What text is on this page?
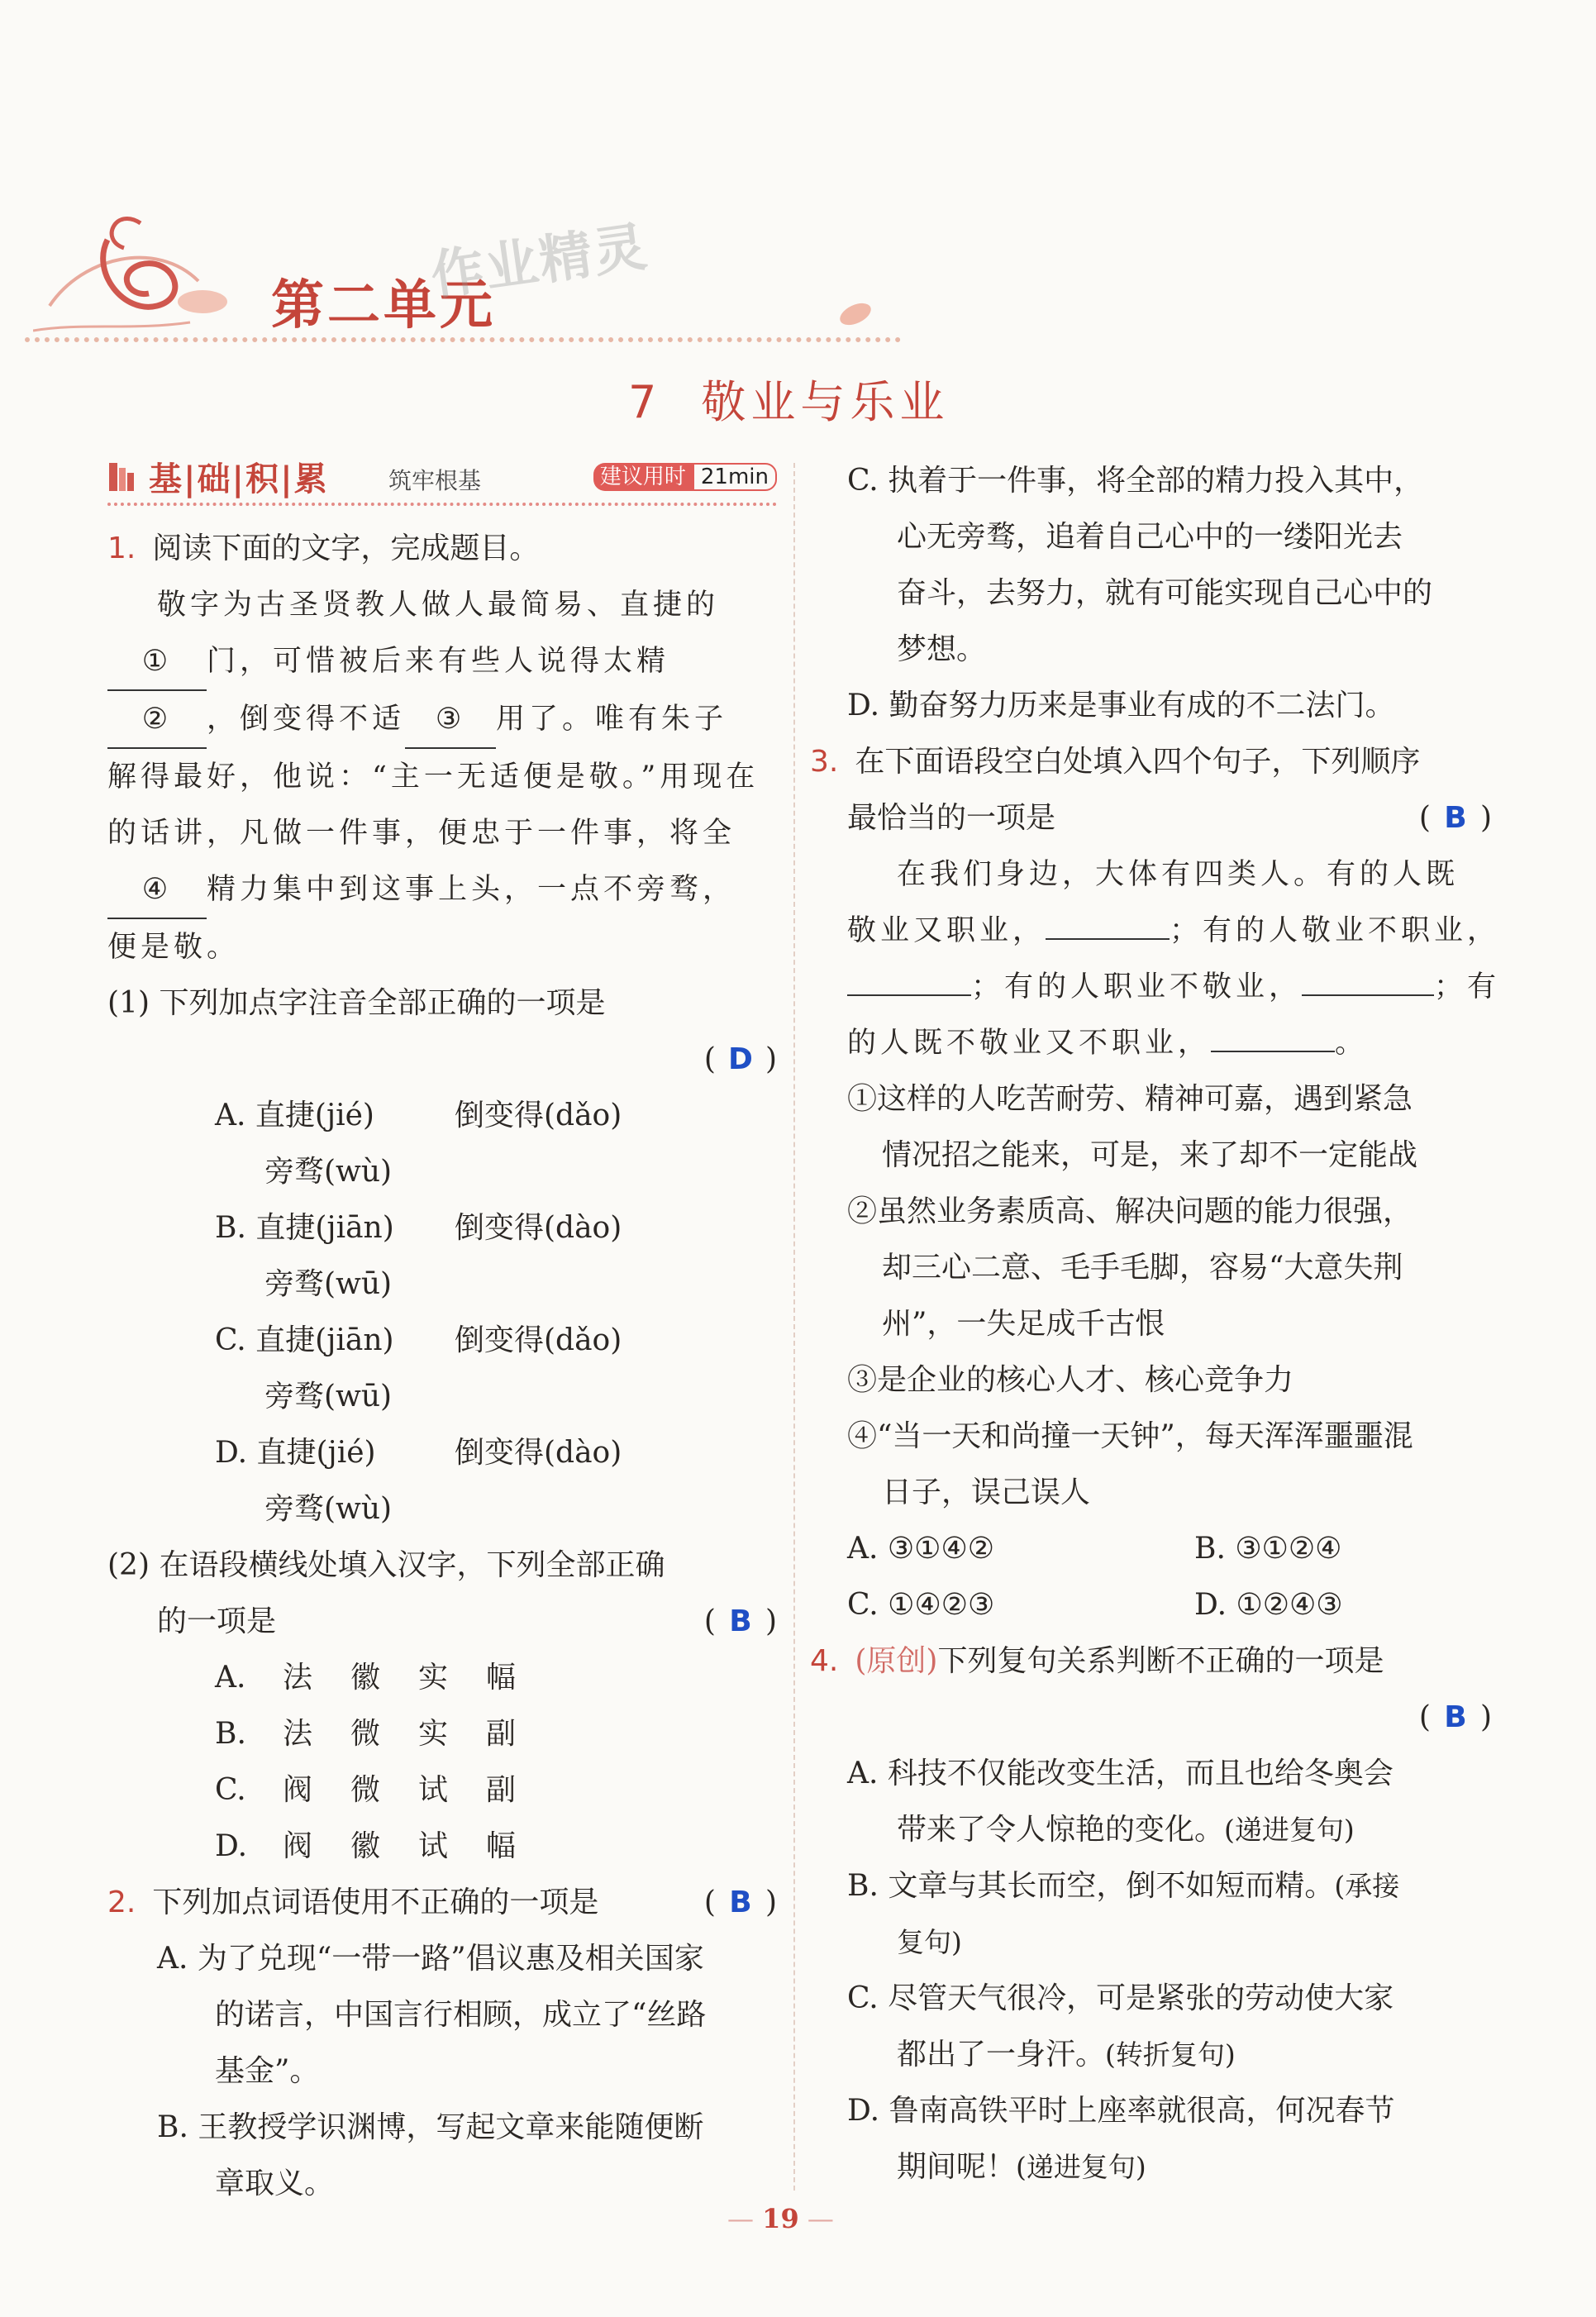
第二单元
作业精灵
7 敬业与乐业
基|础|积|累	筑牢根基	建议用时 21min
1. 阅读下面的文字，完成题目。
敬字为古圣贤教人做人最简易、直捷的
① 门，可惜被后来有些人说得太精
② ，倒变得不适 ③ 用了。唯有朱子
解得最好，他说：“主一无适便是敬。”用现在
的话讲，凡做一件事，便忠于一件事，将全
④ 精力集中到这事上头，一点不旁骛，
便是敬。
(1) 下列加点字注音全部正确的一项是
( D )

A. 直捷(jié)	倒变得(dǎo)
旁骛(wù)
B. 直捷(jiān) 倒变得(dào)
旁骛(wū)
C. 直捷(jiān) 倒变得(dǎo)
旁骛(wū)
D. 直捷(jié)	倒变得(dào)
旁骛(wù)
(2) 在语段横线处填入汉字，下列全部正确
的一项是	( B )
A. 法 徽 实 幅
B. 法 微 实 副
C. 阀 微 试 副
D. 阀 徽 试 幅
2. 下列加点词语使用不正确的一项是	( B )
A. 为了兑现“一带一路”倡议惠及相关国家
的诺言，中国言行相顾，成立了“丝路
基金”。
B. 王教授学识渊博，写起文章来能随便断
章取义。
C. 执着于一件事，将全部的精力投入其中，
心无旁骛，追着自己心中的一缕阳光去
奋斗，去努力，就有可能实现自己心中的
梦想。
D. 勤奋努力历来是事业有成的不二法门。
3. 在下面语段空白处填入四个句子，下列顺序
最恰当的一项是	( B )
在我们身边，大体有四类人。有的人既
敬业又职业，	；有的人敬业不职业，
；有的人职业不敬业，	；有
的人既不敬业又不职业，	。
①这样的人吃苦耐劳、精神可嘉，遇到紧急
情况招之能来，可是，来了却不一定能战
②虽然业务素质高、解决问题的能力很强，
却三心二意、毛手毛脚，容易“大意失荆
州”，一失足成千古恨
③是企业的核心人才、核心竞争力
④“当一天和尚撞一天钟”，每天浑浑噩噩混
日子，误己误人
A. ③①④②	B. ③①②④
C. ①④②③	D. ①②④③
4. (原创)下列复句关系判断不正确的一项是
( B )

A. 科技不仅能改变生活，而且也给冬奥会
带来了令人惊艳的变化。(递进复句)
B. 文章与其长而空，倒不如短而精。(承接
复句)
C. 尽管天气很冷，可是紧张的劳动使大家
都出了一身汗。(转折复句)
D. 鲁南高铁平时上座率就很高，何况春节
期间呢！(递进复句)
— 19 —
